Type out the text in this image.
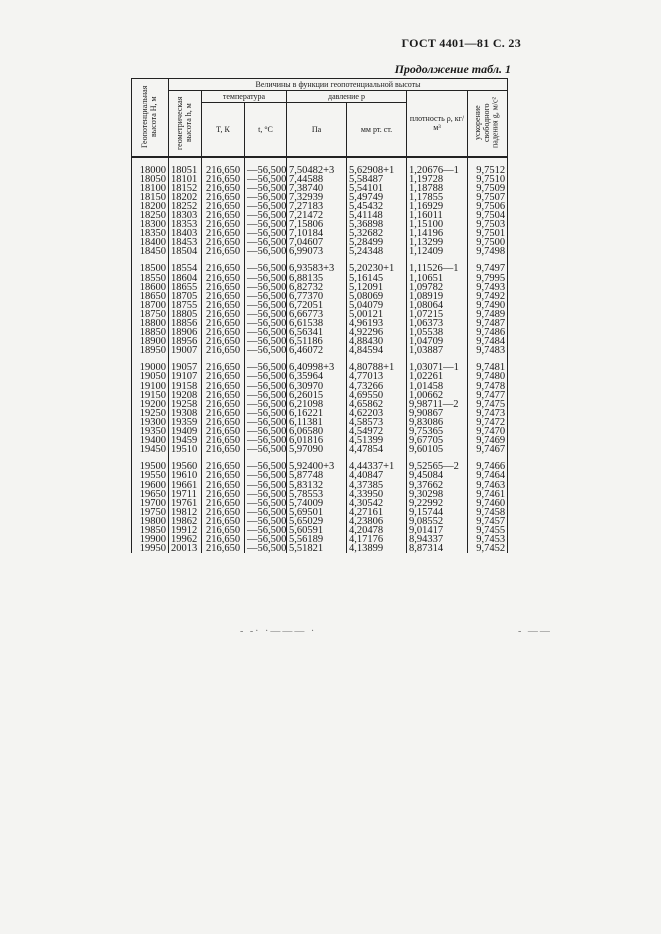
ГОСТ 4401—81 С. 23
Продолжение табл. 1
Геопотенциальная высота H, м	Величины в функции геопотенциальной высоты						

	геометрическая высота h, м	температура		давление p		плотность ρ, кг/м³	ускорение свободного падения g, м/с²

		T, К	t, °С	Па	мм рт. ст.		
18000	18051	216,650	—56,500	7,50482+3	5,62908+1	1,20676—1	9,7512
18050	18101	216,650	—56,500	7,44588	5,58487	1,19728	9,7510
18100	18152	216,650	—56,500	7,38740	5,54101	1,18788	9,7509
18150	18202	216,650	—56,500	7,32939	5,49749	1,17855	9,7507
18200	18252	216,650	—56,500	7,27183	5,45432	1,16929	9,7506
18250	18303	216,650	—56,500	7,21472	5,41148	1,16011	9,7504
18300	18353	216,650	—56,500	7,15806	5,36898	1,15100	9,7503
18350	18403	216,650	—56,500	7,10184	5,32682	1,14196	9,7501
18400	18453	216,650	—56,500	7,04607	5,28499	1,13299	9,7500
18450	18504	216,650	—56,500	6,99073	5,24348	1,12409	9,7498

18500	18554	216,650	—56,500	6,93583+3	5,20230+1	1,11526—1	9,7497
18550	18604	216,650	—56,500	6,88135	5,16145	1,10651	9,7995
18600	18655	216,650	—56,500	6,82732	5,12091	1,09782	9,7493
18650	18705	216,650	—56,500	6,77370	5,08069	1,08919	9,7492
18700	18755	216,650	—56,500	6,72051	5,04079	1,08064	9,7490
18750	18805	216,650	—56,500	6,66773	5,00121	1,07215	9,7489
18800	18856	216,650	—56,500	6,61538	4,96193	1,06373	9,7487
18850	18906	216,650	—56,500	6,56341	4,92296	1,05538	9,7486
18900	18956	216,650	—56,500	6,51186	4,88430	1,04709	9,7484
18950	19007	216,650	—56,500	6,46072	4,84594	1,03887	9,7483

19000	19057	216,650	—56,500	6,40998+3	4,80788+1	1,03071—1	9,7481
19050	19107	216,650	—56,500	6,35964	4,77013	1,02261	9,7480
19100	19158	216,650	—56,500	6,30970	4,73266	1,01458	9,7478
19150	19208	216,650	—56,500	6,26015	4,69550	1,00662	9,7477
19200	19258	216,650	—56,500	6,21098	4,65862	9,98711—2	9,7475
19250	19308	216,650	—56,500	6,16221	4,62203	9,90867	9,7473
19300	19359	216,650	—56,500	6,11381	4,58573	9,83086	9,7472
19350	19409	216,650	—56,500	6,06580	4,54972	9,75365	9,7470
19400	19459	216,650	—56,500	6,01816	4,51399	9,67705	9,7469
19450	19510	216,650	—56,500	5,97090	4,47854	9,60105	9,7467

19500	19560	216,650	—56,500	5,92400+3	4,44337+1	9,52565—2	9,7466
19550	19610	216,650	—56,500	5,87748	4,40847	9,45084	9,7464
19600	19661	216,650	—56,500	5,83132	4,37385	9,37662	9,7463
19650	19711	216,650	—56,500	5,78553	4,33950	9,30298	9,7461
19700	19761	216,650	—56,500	5,74009	4,30542	9,22992	9,7460
19750	19812	216,650	—56,500	5,69501	4,27161	9,15744	9,7458
19800	19862	216,650	—56,500	5,65029	4,23806	9,08552	9,7457
19850	19912	216,650	—56,500	5,60591	4,20478	9,01417	9,7455
19900	19962	216,650	—56,500	5,56189	4,17176	8,94337	9,7453
19950	20013	216,650	—56,500	5,51821	4,13899	8,87314	9,7452
- -· ·——— ·	- ——
